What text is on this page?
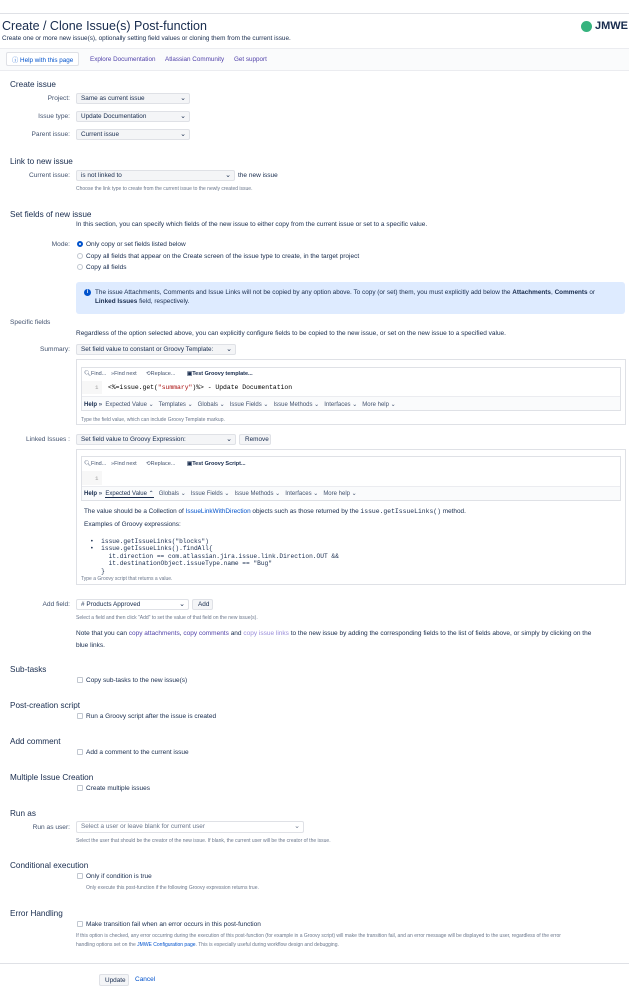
Create / Clone Issue(s) Post-function
Create one or more new issue(s), optionally setting field values or cloning them from the current issue.
JMWE
ⓘ Help with this page	Explore Documentation Atlassian Community Get support
Create issue
Project:	Same as current issue	⌄
Issue type:	Update Documentation	⌄
Parent issue:	Current issue	⌄
Link to new issue
Current issue:	is not linked to	⌄ the new issue
Choose the link type to create from the current issue to the newly created issue.
Set fields of new issue
In this section, you can specify which fields of the new issue to either copy from the current issue or set to a specific value.
Mode: Only copy or set fields listed below
Copy all fields that appear on the Create screen of the issue type to create, in the target project
Copy all fields
i	The issue Attachments, Comments and Issue Links will not be copied by any option above. To copy (or set) them, you must explicitly add below the Attachments, Comments or
Linked Issues field, respectively.
Specific fields
Regardless of the option selected above, you can explicitly configure fields to be copied to the new issue, or set on the new issue to a specified value.
Summary:	Set field value to constant or Groovy Template: ⌄
🔍︎Find... »Find next ⟲Replace... ▣Test Groovy template...
1 <%=issue.get("summary")%> - Update Documentation
Help » Expected Value ⌄ Templates ⌄ Globals ⌄ Issue Fields ⌄ Issue Methods ⌄ Interfaces ⌄ More help ⌄
Type the field value, which can include Groovy Template markup.
Linked Issues :	Set field value to Groovy Expression:	⌄	Remove
🔍︎Find... »Find next ⟲Replace... ▣Test Groovy Script...
1
Help » Expected Value ⌃ Globals ⌄ Issue Fields ⌄ Issue Methods ⌄ Interfaces ⌄ More help ⌄
The value should be a Collection of IssueLinkWithDirection objects such as those returned by the issue.getIssueLinks() method.
Examples of Groovy expressions:

•  issue.getIssueLinks("blocks")
•  issue.getIssueLinks().findAll{
it.direction == com.atlassian.jira.issue.link.Direction.OUT &&
it.destinationObject.issueType.name == "Bug"
}
Type a Groovy script that returns a value.
Add field:	# Products Approved	⌄	Add
Select a field and then click "Add" to set the value of that field on the new issue(s).
Note that you can copy attachments, copy comments and copy issue links to the new issue by adding the corresponding fields to the list of fields above, or simply by clicking on the
blue links.
Sub-tasks
Copy sub-tasks to the new issue(s)
Post-creation script
Run a Groovy script after the issue is created
Add comment
Add a comment to the current issue
Multiple Issue Creation
Create multiple issues
Run as
Run as user:	Select a user or leave blank for current user	⌄
Select the user that should be the creator of the new issue. If blank, the current user will be the creator of the issue.
Conditional execution
Only if condition is true
Only execute this post-function if the following Groovy expression returns true.
Error Handling
Make transition fail when an error occurs in this post-function
If this option is checked, any error occurring during the execution of this post-function (for example in a Groovy script) will make the transition fail, and an error message will be displayed to the user, regardless of the error
handling options set on the JMWE Configuration page. This is especially useful during workflow design and debugging.
Update	Cancel
